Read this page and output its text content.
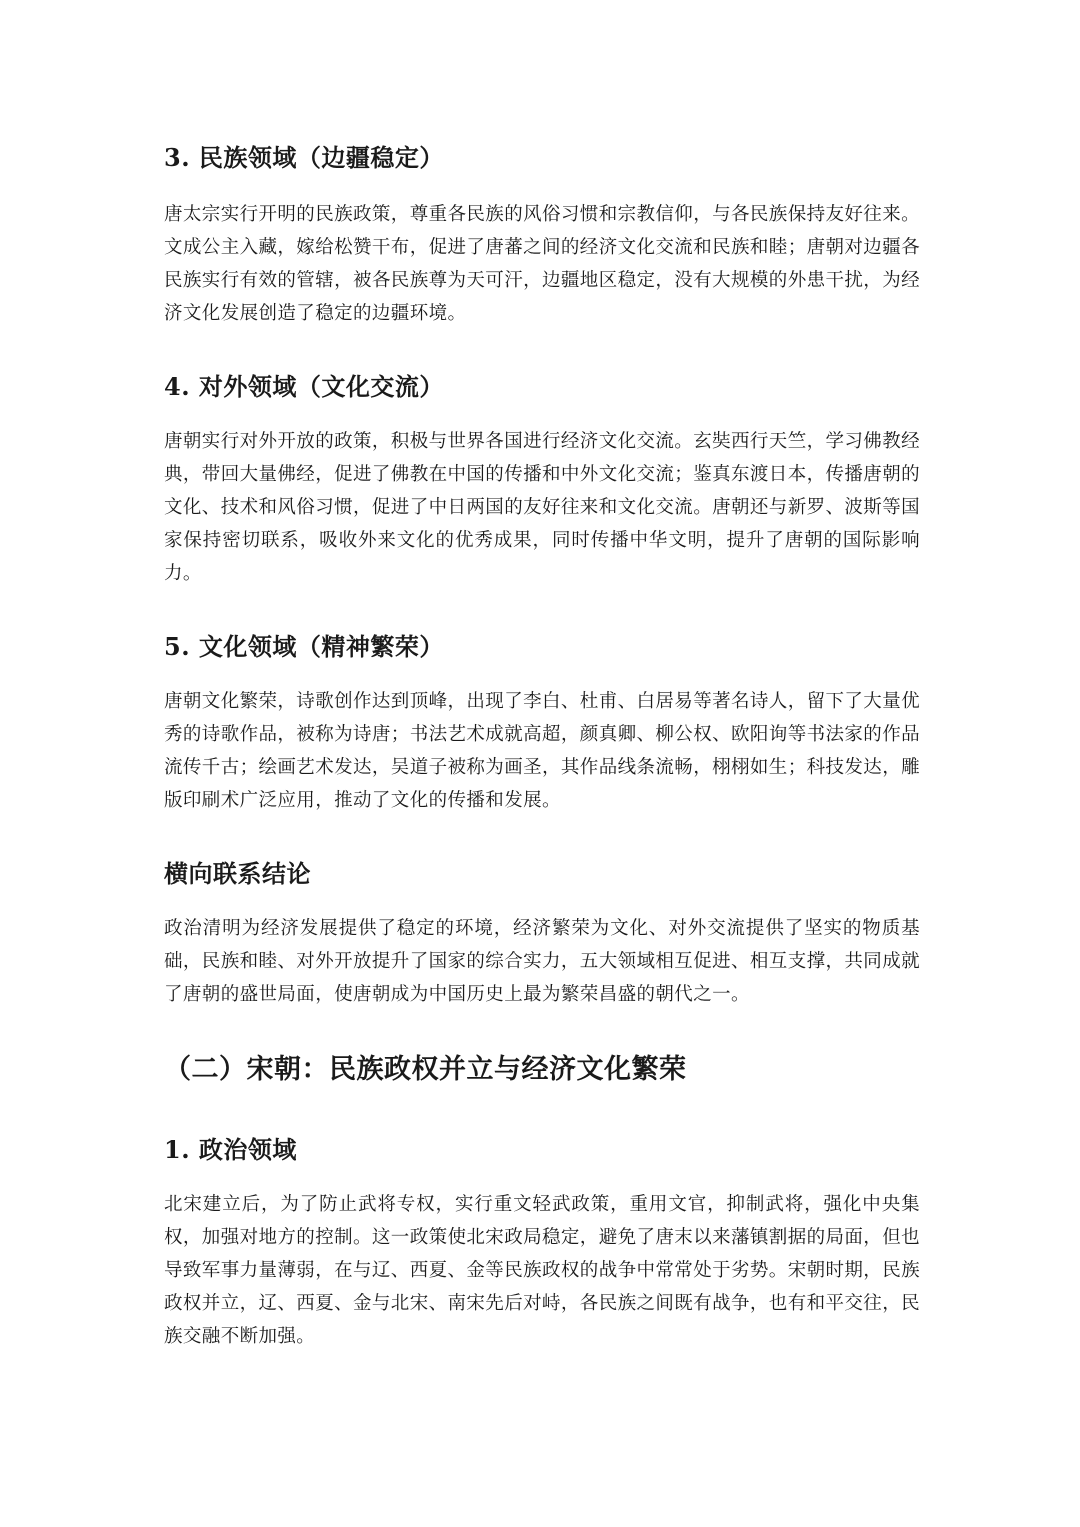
3. 民族领域（边疆稳定）

唐太宗实行开明的民族政策，尊重各民族的风俗习惯和宗教信仰，与各民族保持友好往来。文成公主入藏，嫁给松赞干布，促进了唐蕃之间的经济文化交流和民族和睦；唐朝对边疆各民族实行有效的管辖，被各民族尊为天可汗，边疆地区稳定，没有大规模的外患干扰，为经济文化发展创造了稳定的边疆环境。

4. 对外领域（文化交流）

唐朝实行对外开放的政策，积极与世界各国进行经济文化交流。玄奘西行天竺，学习佛教经典，带回大量佛经，促进了佛教在中国的传播和中外文化交流；鉴真东渡日本，传播唐朝的文化、技术和风俗习惯，促进了中日两国的友好往来和文化交流。唐朝还与新罗、波斯等国家保持密切联系，吸收外来文化的优秀成果，同时传播中华文明，提升了唐朝的国际影响力。

5. 文化领域（精神繁荣）

唐朝文化繁荣，诗歌创作达到顶峰，出现了李白、杜甫、白居易等著名诗人，留下了大量优秀的诗歌作品，被称为诗唐；书法艺术成就高超，颜真卿、柳公权、欧阳询等书法家的作品流传千古；绘画艺术发达，吴道子被称为画圣，其作品线条流畅，栩栩如生；科技发达，雕版印刷术广泛应用，推动了文化的传播和发展。

横向联系结论

政治清明为经济发展提供了稳定的环境，经济繁荣为文化、对外交流提供了坚实的物质基础，民族和睦、对外开放提升了国家的综合实力，五大领域相互促进、相互支撑，共同成就了唐朝的盛世局面，使唐朝成为中国历史上最为繁荣昌盛的朝代之一。

（二）宋朝：民族政权并立与经济文化繁荣
1. 政治领域

北宋建立后，为了防止武将专权，实行重文轻武政策，重用文官，抑制武将，强化中央集权，加强对地方的控制。这一政策使北宋政局稳定，避免了唐末以来藩镇割据的局面，但也导致军事力量薄弱，在与辽、西夏、金等民族政权的战争中常常处于劣势。宋朝时期，民族政权并立，辽、西夏、金与北宋、南宋先后对峙，各民族之间既有战争，也有和平交往，民族交融不断加强。
